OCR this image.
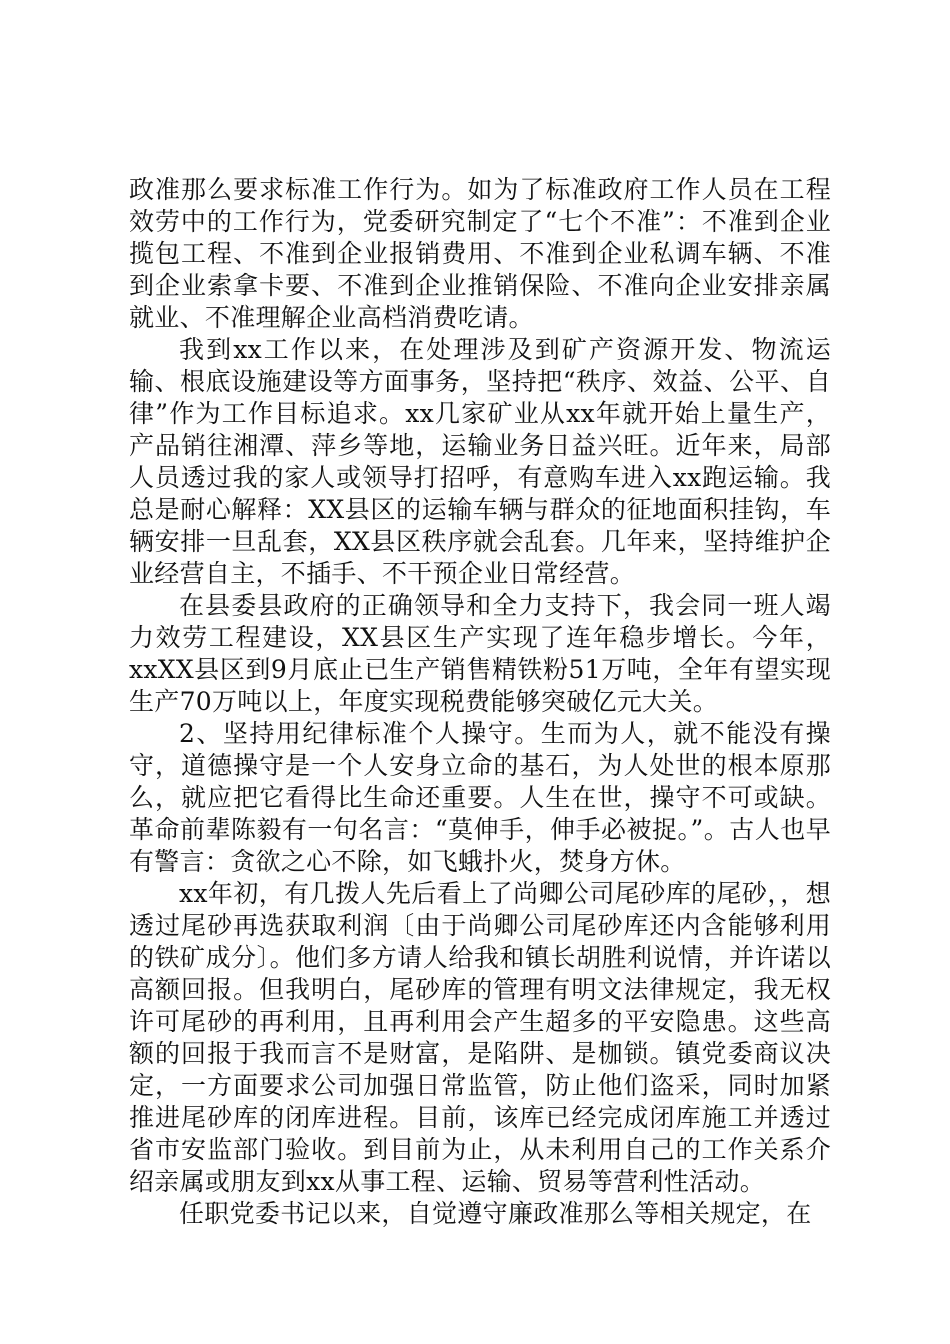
政准那么要求标准工作行为。如为了标准政府工作人员在工程效劳中的工作行为，党委研究制定了“七个不准”：不准到企业揽包工程、不准到企业报销费用、不准到企业私调车辆、不准到企业索拿卡要、不准到企业推销保险、不准向企业安排亲属就业、不准理解企业高档消费吃请。

我到xx工作以来，在处理涉及到矿产资源开发、物流运输、根底设施建设等方面事务，坚持把“秩序、效益、公平、自律”作为工作目标追求。xx几家矿业从xx年就开始上量生产，产品销往湘潭、萍乡等地，运输业务日益兴旺。近年来，局部人员透过我的家人或领导打招呼，有意购车进入xx跑运输。我总是耐心解释：XX县区的运输车辆与群众的征地面积挂钩，车辆安排一旦乱套，XX县区秩序就会乱套。几年来，坚持维护企业经营自主，不插手、不干预企业日常经营。

在县委县政府的正确领导和全力支持下，我会同一班人竭力效劳工程建设，XX县区生产实现了连年稳步增长。今年，xxXX县区到9月底止已生产销售精铁粉51万吨，全年有望实现生产70万吨以上，年度实现税费能够突破亿元大关。

2、坚持用纪律标准个人操守。生而为人，就不能没有操守，道德操守是一个人安身立命的基石，为人处世的根本原那么，就应把它看得比生命还重要。人生在世，操守不可或缺。革命前辈陈毅有一句名言：“莫伸手，伸手必被捉。”。古人也早有警言：贪欲之心不除，如飞蛾扑火，焚身方休。

xx年初，有几拨人先后看上了尚卿公司尾砂库的尾砂，，想透过尾砂再选获取利润〔由于尚卿公司尾砂库还内含能够利用的铁矿成分〕。他们多方请人给我和镇长胡胜利说情，并许诺以高额回报。但我明白，尾砂库的管理有明文法律规定，我无权许可尾砂的再利用，且再利用会产生超多的平安隐患。这些高额的回报于我而言不是财富，是陷阱、是枷锁。镇党委商议决定，一方面要求公司加强日常监管，防止他们盗采，同时加紧推进尾砂库的闭库进程。目前，该库已经完成闭库施工并透过省市安监部门验收。到目前为止，从未利用自己的工作关系介绍亲属或朋友到xx从事工程、运输、贸易等营利性活动。

任职党委书记以来，自觉遵守廉政准那么等相关规定，在
